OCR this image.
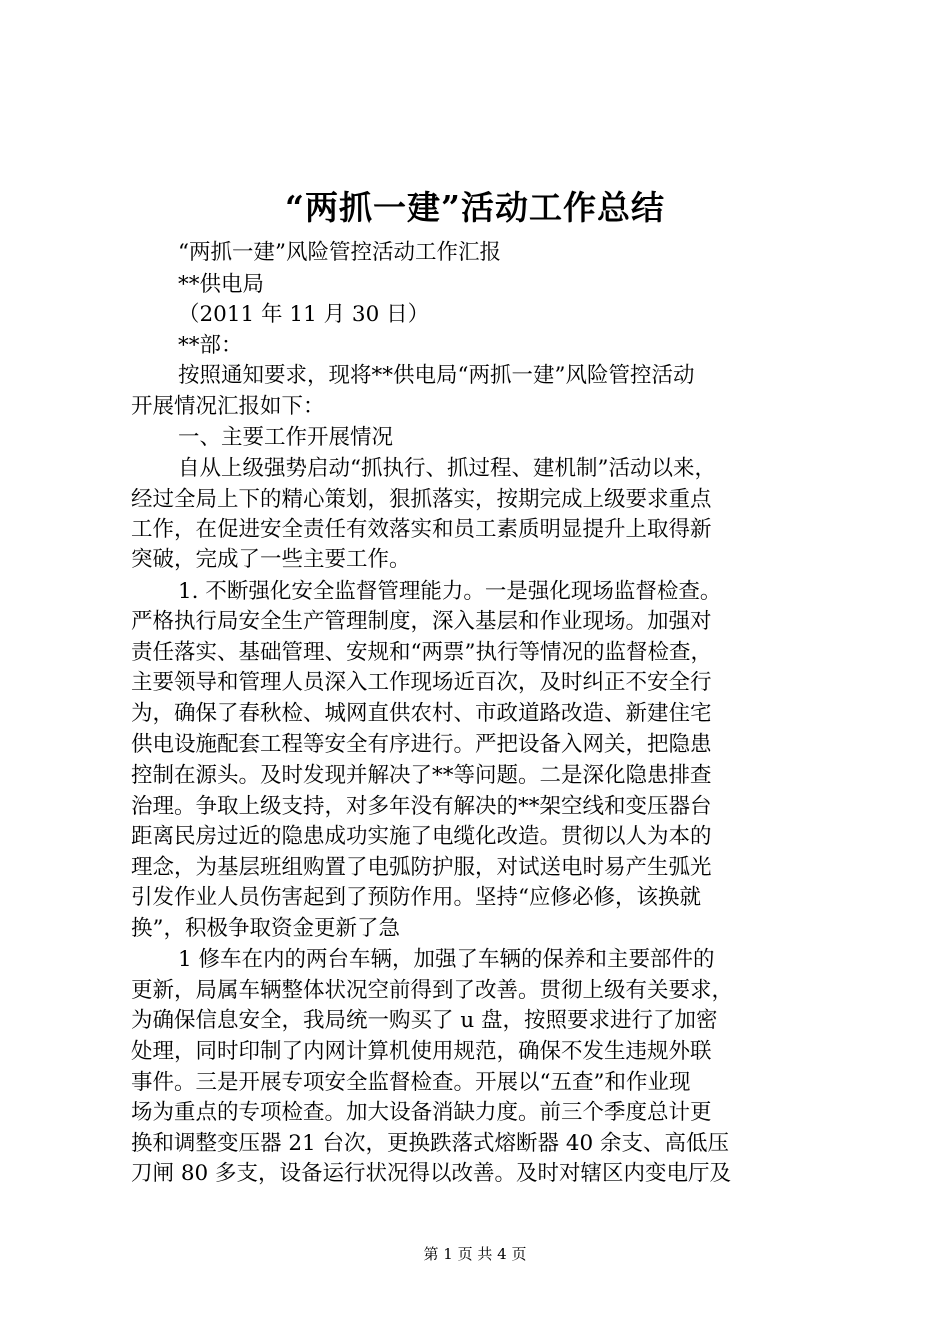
“两抓一建”活动工作总结
“两抓一建”风险管控活动工作汇报
**供电局
（2011 年 11 月 30 日）
**部：
按照通知要求，现将**供电局“两抓一建”风险管控活动
开展情况汇报如下：
一、主要工作开展情况
自从上级强势启动“抓执行、抓过程、建机制”活动以来，
经过全局上下的精心策划，狠抓落实，按期完成上级要求重点
工作，在促进安全责任有效落实和员工素质明显提升上取得新
突破，完成了一些主要工作。
1. 不断强化安全监督管理能力。一是强化现场监督检查。
严格执行局安全生产管理制度，深入基层和作业现场。加强对
责任落实、基础管理、安规和“两票”执行等情况的监督检查，
主要领导和管理人员深入工作现场近百次，及时纠正不安全行
为，确保了春秋检、城网直供农村、市政道路改造、新建住宅
供电设施配套工程等安全有序进行。严把设备入网关，把隐患
控制在源头。及时发现并解决了**等问题。二是深化隐患排查
治理。争取上级支持，对多年没有解决的**架空线和变压器台
距离民房过近的隐患成功实施了电缆化改造。贯彻以人为本的
理念，为基层班组购置了电弧防护服，对试送电时易产生弧光
引发作业人员伤害起到了预防作用。坚持“应修必修，该换就
换”，积极争取资金更新了急
1 修车在内的两台车辆，加强了车辆的保养和主要部件的
更新，局属车辆整体状况空前得到了改善。贯彻上级有关要求，
为确保信息安全，我局统一购买了 u 盘，按照要求进行了加密
处理，同时印制了内网计算机使用规范，确保不发生违规外联
事件。三是开展专项安全监督检查。开展以“五查”和作业现
场为重点的专项检查。加大设备消缺力度。前三个季度总计更
换和调整变压器 21 台次，更换跌落式熔断器 40 余支、高低压
刀闸 80 多支，设备运行状况得以改善。及时对辖区内变电厅及
第 1 页 共 4 页
